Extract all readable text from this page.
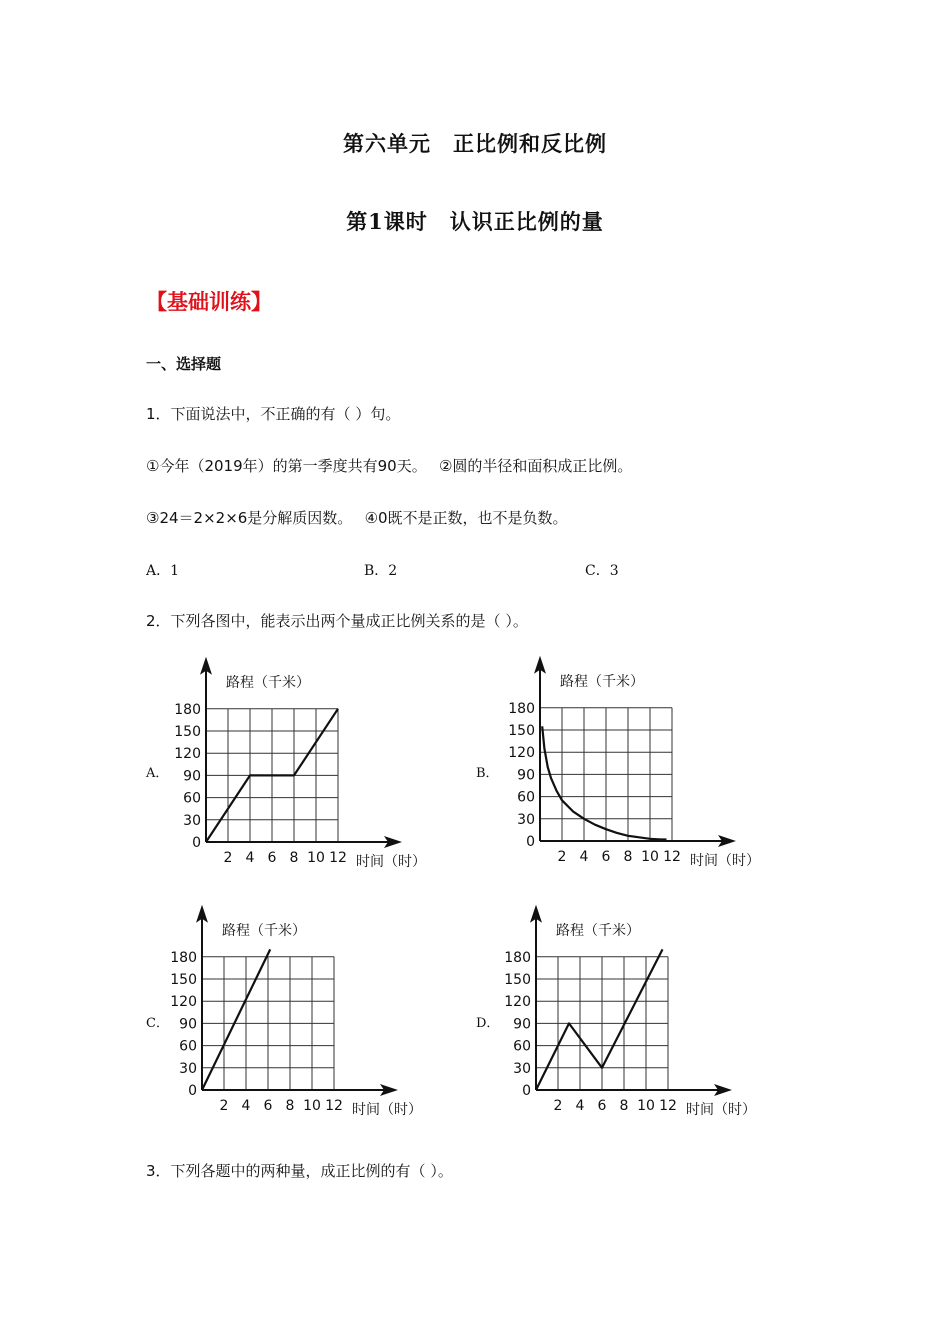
第六单元　正比例和反比例
第1课时　认识正比例的量
【基础训练】
一、选择题
1．下面说法中，不正确的有（ ）句。
①今年（2019年）的第一季度共有90天。　 ②圆的半径和面积成正比例。
③24＝2×2×6是分解质因数。　 ④0既不是正数，也不是负数。
A．1	B．2	C．3
2．下列各图中，能表示出两个量成正比例关系的是（ ）。
A．	B．
C．	D．
0
30
60
90
120
150
180
2 4 6 8 10 12
路程（千米）
时间（时）
0
30
60
90
120
150
180
2 4 6 8 10 12
路程（千米）
时间（时）
0
30
60
90
120
150
180
2 4 6 8 10 12
路程（千米）
时间（时）
0
30
60
90
120
150
180
2 4 6 8 10 12
路程（千米）
时间（时）
3．下列各题中的两种量，成正比例的有（ ）。
